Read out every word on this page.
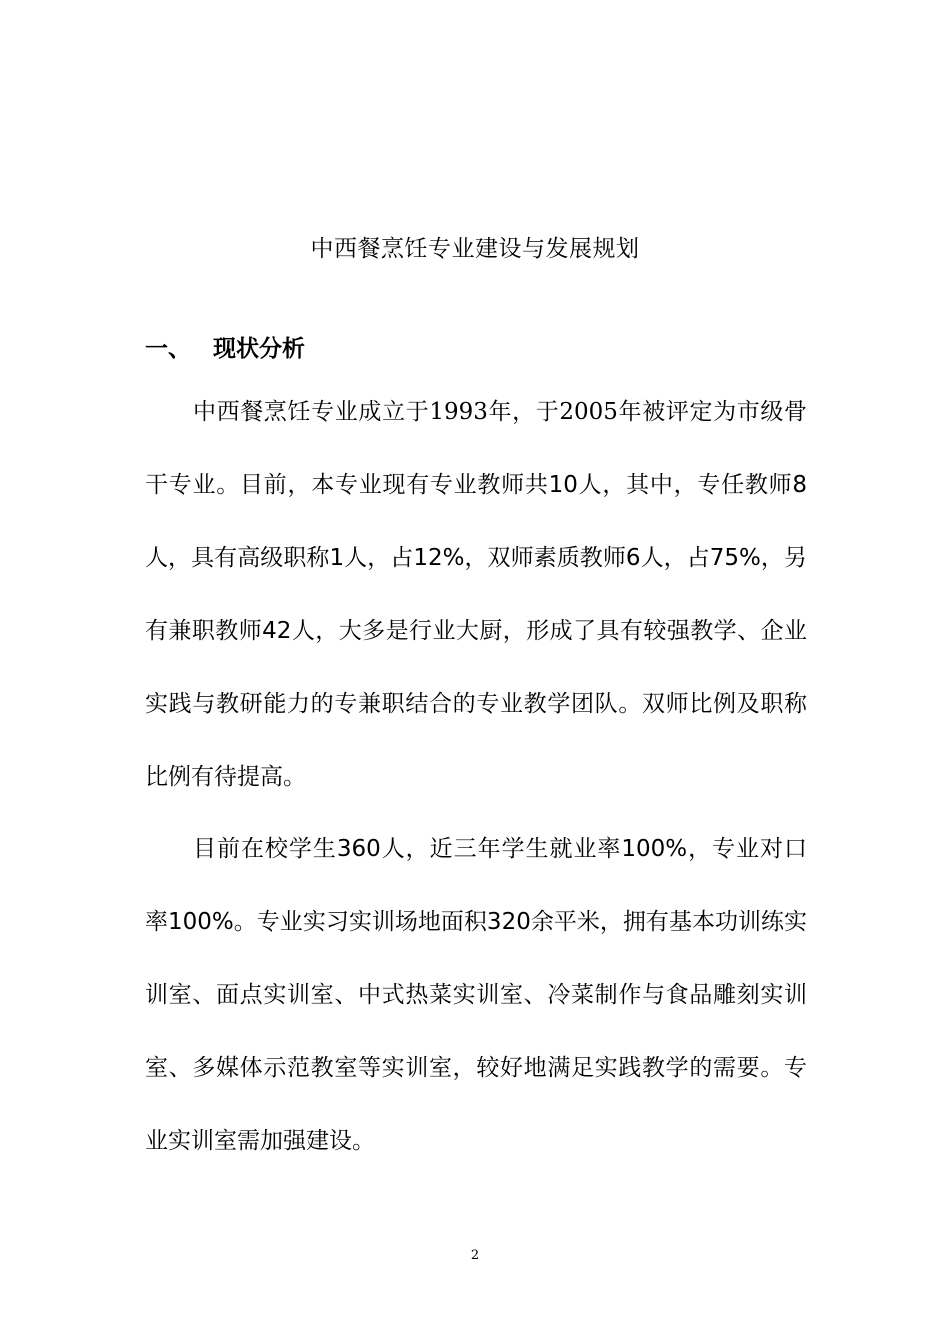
中西餐烹饪专业建设与发展规划
一、 现状分析

中西餐烹饪专业成立于1993年，于2005年被评定为市级骨干专业。目前，本专业现有专业教师共10人，其中，专任教师8人，具有高级职称1人，占12%，双师素质教师6人，占75%，另有兼职教师42人，大多是行业大厨，形成了具有较强教学、企业实践与教研能力的专兼职结合的专业教学团队。双师比例及职称比例有待提高。

目前在校学生360人，近三年学生就业率100%，专业对口率100%。专业实习实训场地面积320余平米，拥有基本功训练实训室、面点实训室、中式热菜实训室、冷菜制作与食品雕刻实训室、多媒体示范教室等实训室，较好地满足实践教学的需要。专业实训室需加强建设。

2
